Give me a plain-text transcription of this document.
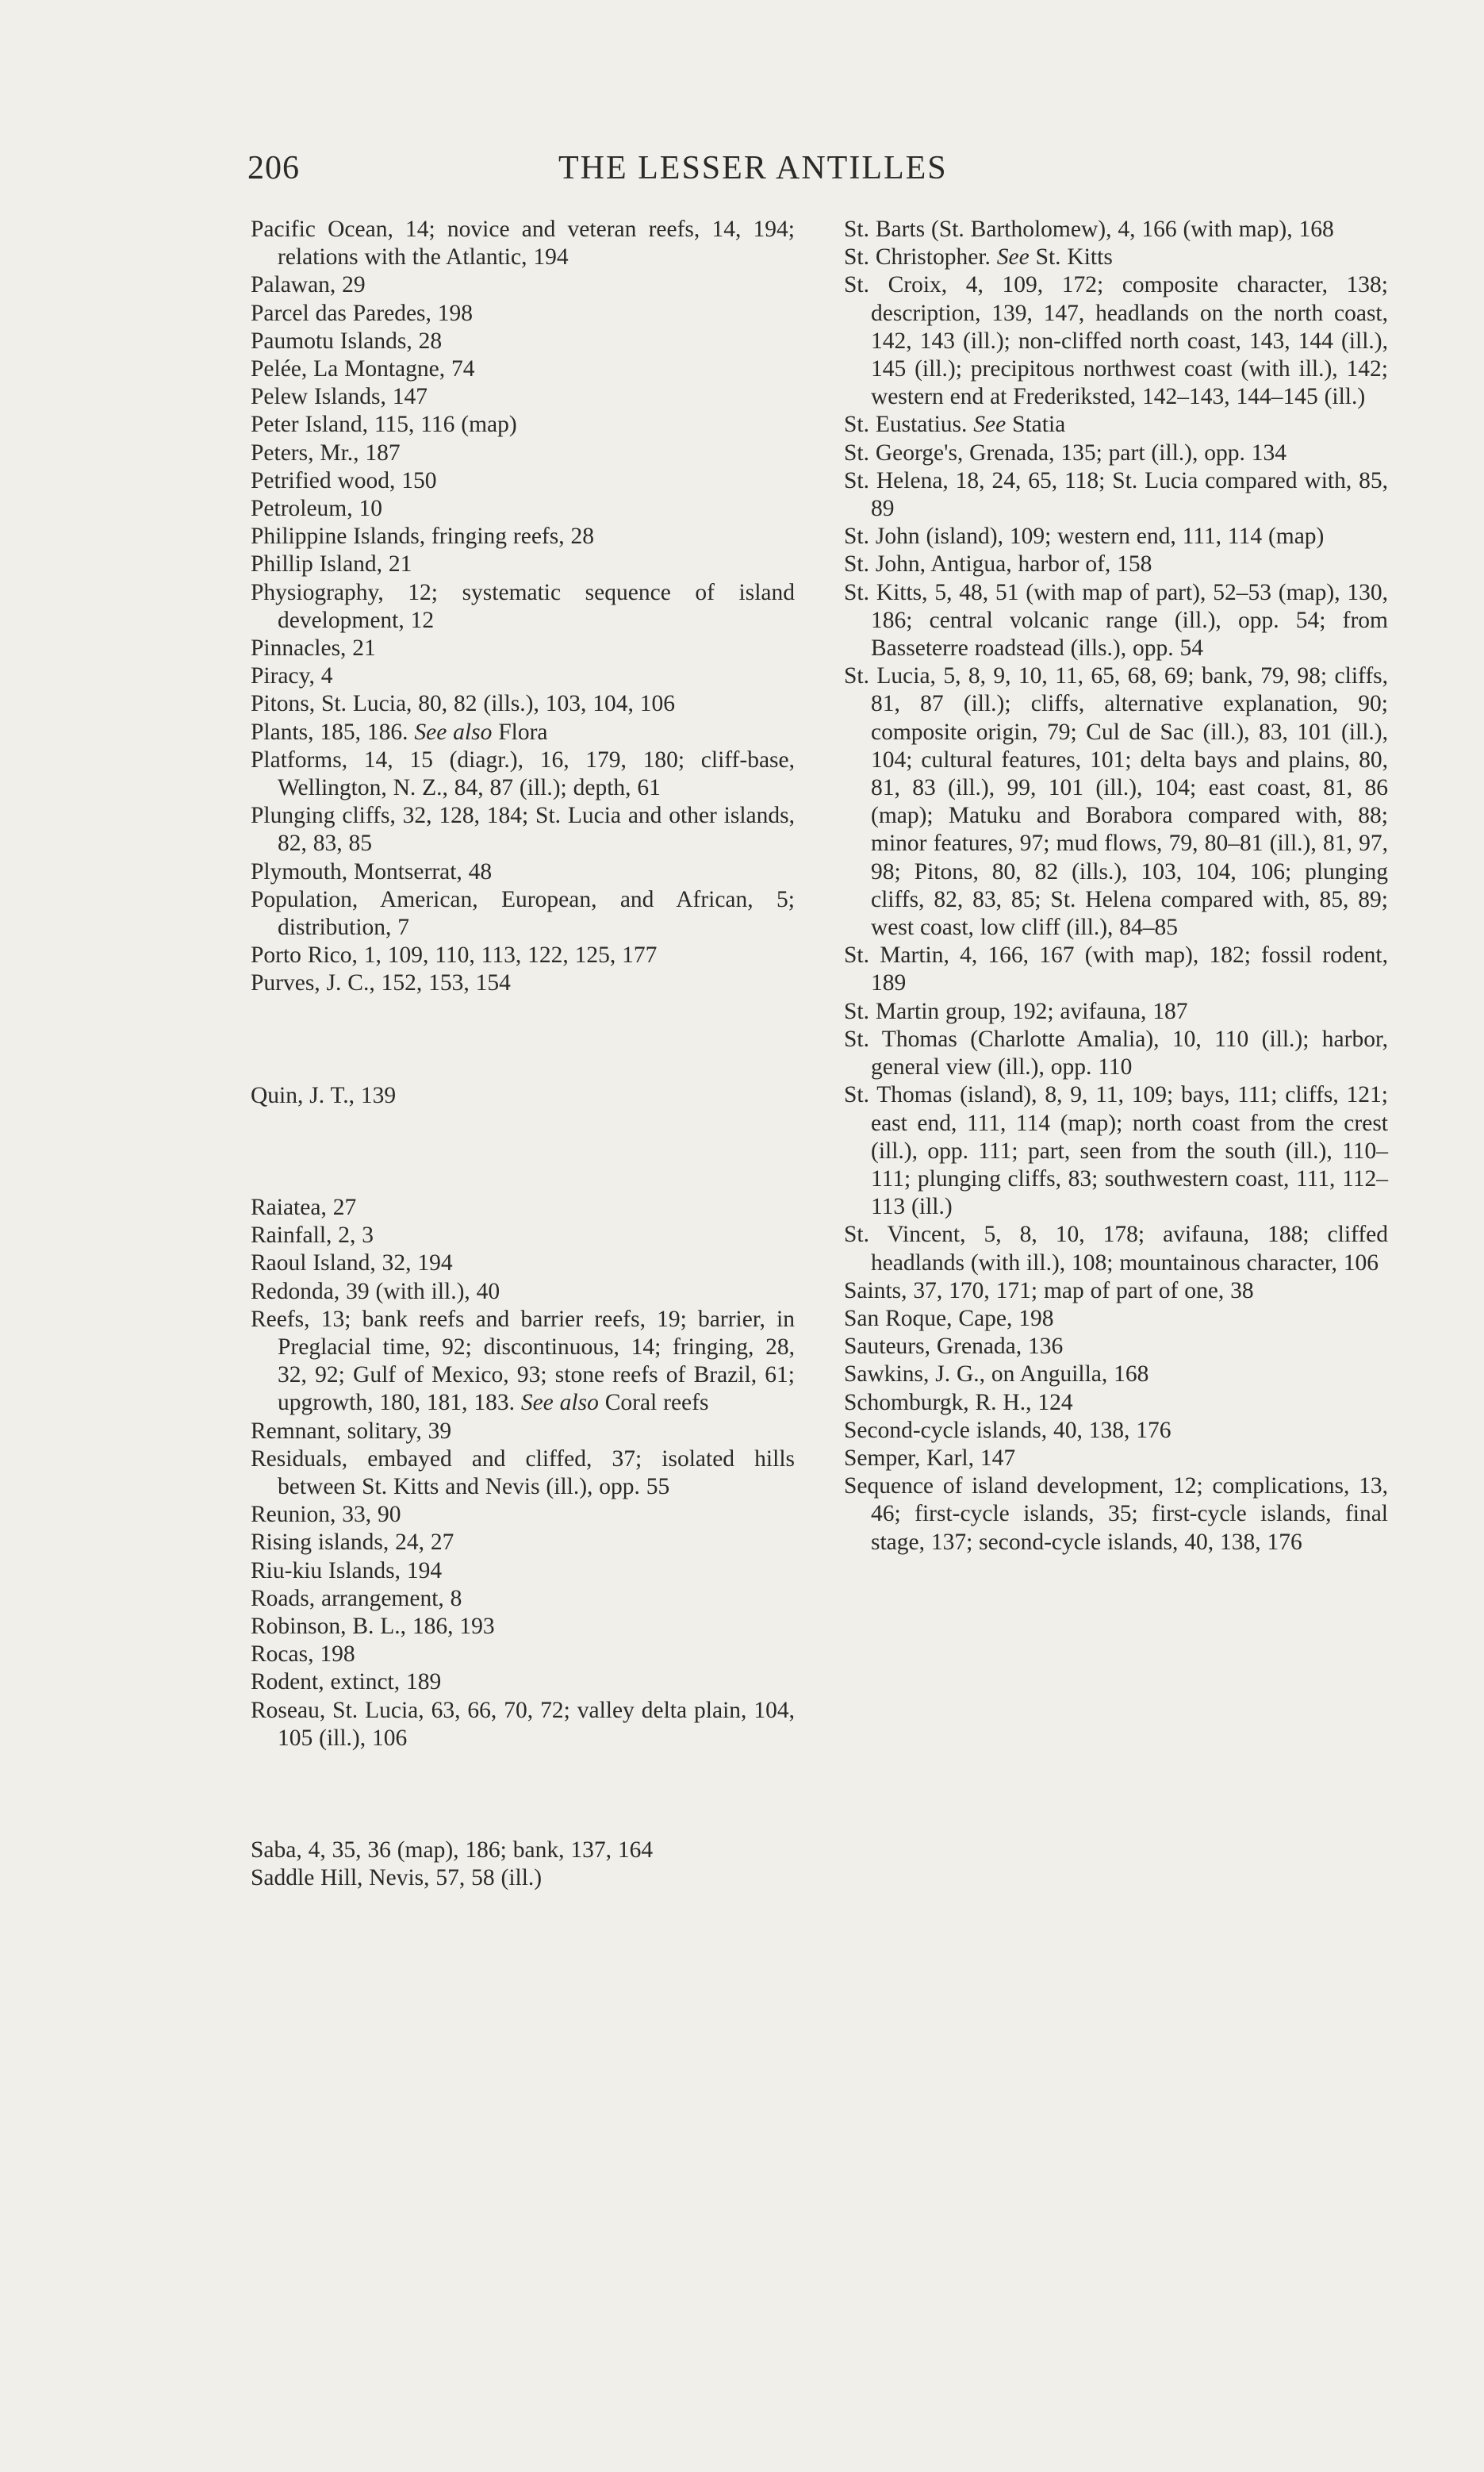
206	THE LESSER ANTILLES

Pacific Ocean, 14; novice and veteran reefs, 14, 194; relations with the Atlantic, 194

Palawan, 29

Parcel das Paredes, 198

Paumotu Islands, 28

Pelée, La Montagne, 74

Pelew Islands, 147

Peter Island, 115, 116 (map)

Peters, Mr., 187

Petrified wood, 150

Petroleum, 10

Philippine Islands, fringing reefs, 28

Phillip Island, 21

Physiography, 12; systematic sequence of island development, 12

Pinnacles, 21

Piracy, 4

Pitons, St. Lucia, 80, 82 (ills.), 103, 104, 106

Plants, 185, 186. See also Flora

Platforms, 14, 15 (diagr.), 16, 179, 180; cliff-base, Wellington, N. Z., 84, 87 (ill.); depth, 61

Plunging cliffs, 32, 128, 184; St. Lucia and other islands, 82, 83, 85

Plymouth, Montserrat, 48

Population, American, European, and African, 5; distribution, 7

Porto Rico, 1, 109, 110, 113, 122, 125, 177

Purves, J. C., 152, 153, 154

Quin, J. T., 139

Raiatea, 27

Rainfall, 2, 3

Raoul Island, 32, 194

Redonda, 39 (with ill.), 40

Reefs, 13; bank reefs and barrier reefs, 19; barrier, in Preglacial time, 92; discontinuous, 14; fringing, 28, 32, 92; Gulf of Mexico, 93; stone reefs of Brazil, 61; upgrowth, 180, 181, 183. See also Coral reefs

Remnant, solitary, 39

Residuals, embayed and cliffed, 37; isolated hills between St. Kitts and Nevis (ill.), opp. 55

Reunion, 33, 90

Rising islands, 24, 27

Riu-kiu Islands, 194

Roads, arrangement, 8

Robinson, B. L., 186, 193

Rocas, 198

Rodent, extinct, 189

Roseau, St. Lucia, 63, 66, 70, 72; valley delta plain, 104, 105 (ill.), 106

Saba, 4, 35, 36 (map), 186; bank, 137, 164

Saddle Hill, Nevis, 57, 58 (ill.)

St. Barts (St. Bartholomew), 4, 166 (with map), 168

St. Christopher. See St. Kitts

St. Croix, 4, 109, 172; composite character, 138; description, 139, 147, headlands on the north coast, 142, 143 (ill.); non-cliffed north coast, 143, 144 (ill.), 145 (ill.); precipitous northwest coast (with ill.), 142; western end at Frederiksted, 142–143, 144–145 (ill.)

St. Eustatius. See Statia

St. George's, Grenada, 135; part (ill.), opp. 134

St. Helena, 18, 24, 65, 118; St. Lucia compared with, 85, 89

St. John (island), 109; western end, 111, 114 (map)

St. John, Antigua, harbor of, 158

St. Kitts, 5, 48, 51 (with map of part), 52–53 (map), 130, 186; central volcanic range (ill.), opp. 54; from Basseterre roadstead (ills.), opp. 54

St. Lucia, 5, 8, 9, 10, 11, 65, 68, 69; bank, 79, 98; cliffs, 81, 87 (ill.); cliffs, alternative explanation, 90; composite origin, 79; Cul de Sac (ill.), 83, 101 (ill.), 104; cultural features, 101; delta bays and plains, 80, 81, 83 (ill.), 99, 101 (ill.), 104; east coast, 81, 86 (map); Matuku and Borabora compared with, 88; minor features, 97; mud flows, 79, 80–81 (ill.), 81, 97, 98; Pitons, 80, 82 (ills.), 103, 104, 106; plunging cliffs, 82, 83, 85; St. Helena compared with, 85, 89; west coast, low cliff (ill.), 84–85

St. Martin, 4, 166, 167 (with map), 182; fossil rodent, 189

St. Martin group, 192; avifauna, 187

St. Thomas (Charlotte Amalia), 10, 110 (ill.); harbor, general view (ill.), opp. 110

St. Thomas (island), 8, 9, 11, 109; bays, 111; cliffs, 121; east end, 111, 114 (map); north coast from the crest (ill.), opp. 111; part, seen from the south (ill.), 110–111; plunging cliffs, 83; southwestern coast, 111, 112–113 (ill.)

St. Vincent, 5, 8, 10, 178; avifauna, 188; cliffed headlands (with ill.), 108; mountainous character, 106

Saints, 37, 170, 171; map of part of one, 38

San Roque, Cape, 198

Sauteurs, Grenada, 136

Sawkins, J. G., on Anguilla, 168

Schomburgk, R. H., 124

Second-cycle islands, 40, 138, 176

Semper, Karl, 147

Sequence of island development, 12; complications, 13, 46; first-cycle islands, 35; first-cycle islands, final stage, 137; second-cycle islands, 40, 138, 176
